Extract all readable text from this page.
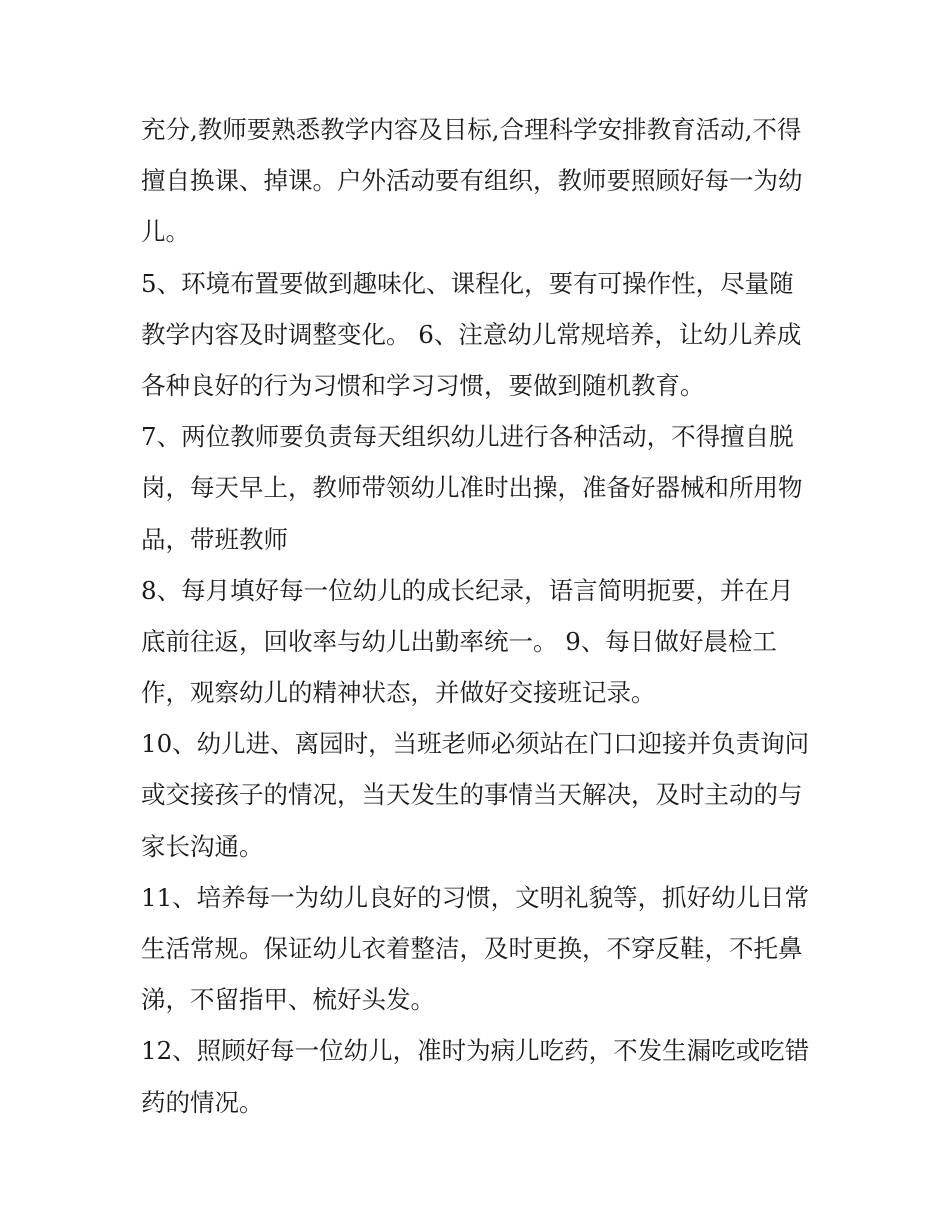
充分,教师要熟悉教学内容及目标,合理科学安排教育活动,不得
擅自换课、掉课。户外活动要有组织，教师要照顾好每一为幼
儿。
5、环境布置要做到趣味化、课程化，要有可操作性，尽量随
教学内容及时调整变化。 6、注意幼儿常规培养，让幼儿养成
各种良好的行为习惯和学习习惯，要做到随机教育。
7、两位教师要负责每天组织幼儿进行各种活动，不得擅自脱
岗，每天早上，教师带领幼儿准时出操，准备好器械和所用物
品，带班教师
8、每月填好每一位幼儿的成长纪录，语言简明扼要，并在月
底前往返，回收率与幼儿出勤率统一。 9、每日做好晨检工
作，观察幼儿的精神状态，并做好交接班记录。
10、幼儿进、离园时，当班老师必须站在门口迎接并负责询问
或交接孩子的情况，当天发生的事情当天解决，及时主动的与
家长沟通。
11、培养每一为幼儿良好的习惯，文明礼貌等，抓好幼儿日常
生活常规。保证幼儿衣着整洁，及时更换，不穿反鞋，不托鼻
涕，不留指甲、梳好头发。
12、照顾好每一位幼儿，准时为病儿吃药，不发生漏吃或吃错
药的情况。
